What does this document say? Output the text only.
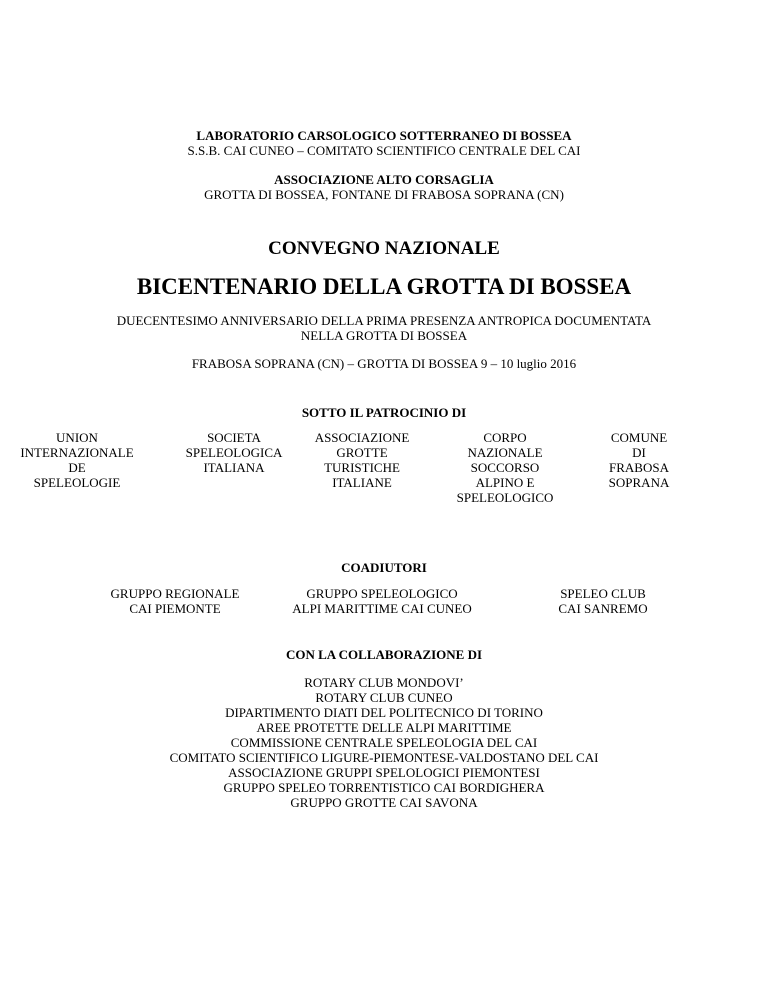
LABORATORIO CARSOLOGICO SOTTERRANEO DI BOSSEA
S.S.B. CAI CUNEO – COMITATO SCIENTIFICO CENTRALE DEL CAI
ASSOCIAZIONE ALTO CORSAGLIA
GROTTA DI BOSSEA, FONTANE DI FRABOSA SOPRANA (CN)
CONVEGNO NAZIONALE
BICENTENARIO DELLA GROTTA DI BOSSEA
DUECENTESIMO ANNIVERSARIO DELLA PRIMA PRESENZA ANTROPICA DOCUMENTATA
NELLA GROTTA DI BOSSEA
FRABOSA SOPRANA (CN) – GROTTA DI BOSSEA 9 – 10 luglio 2016
SOTTO IL PATROCINIO DI
UNION
INTERNAZIONALE
DE
SPELEOLOGIE
SOCIETA
SPELEOLOGICA
ITALIANA
ASSOCIAZIONE
GROTTE
TURISTICHE
ITALIANE
CORPO
NAZIONALE
SOCCORSO
ALPINO E
SPELEOLOGICO
COMUNE
DI
FRABOSA
SOPRANA
COADIUTORI
GRUPPO REGIONALE
CAI PIEMONTE
GRUPPO SPELEOLOGICO
ALPI MARITTIME CAI CUNEO
SPELEO CLUB
CAI SANREMO
CON LA COLLABORAZIONE DI
ROTARY CLUB MONDOVI’
ROTARY CLUB CUNEO
DIPARTIMENTO DIATI DEL POLITECNICO DI TORINO
AREE PROTETTE DELLE ALPI MARITTIME
COMMISSIONE CENTRALE SPELEOLOGIA DEL CAI
COMITATO SCIENTIFICO LIGURE-PIEMONTESE-VALDOSTANO DEL CAI
ASSOCIAZIONE GRUPPI SPELOLOGICI PIEMONTESI
GRUPPO SPELEO TORRENTISTICO CAI BORDIGHERA
GRUPPO GROTTE CAI SAVONA
